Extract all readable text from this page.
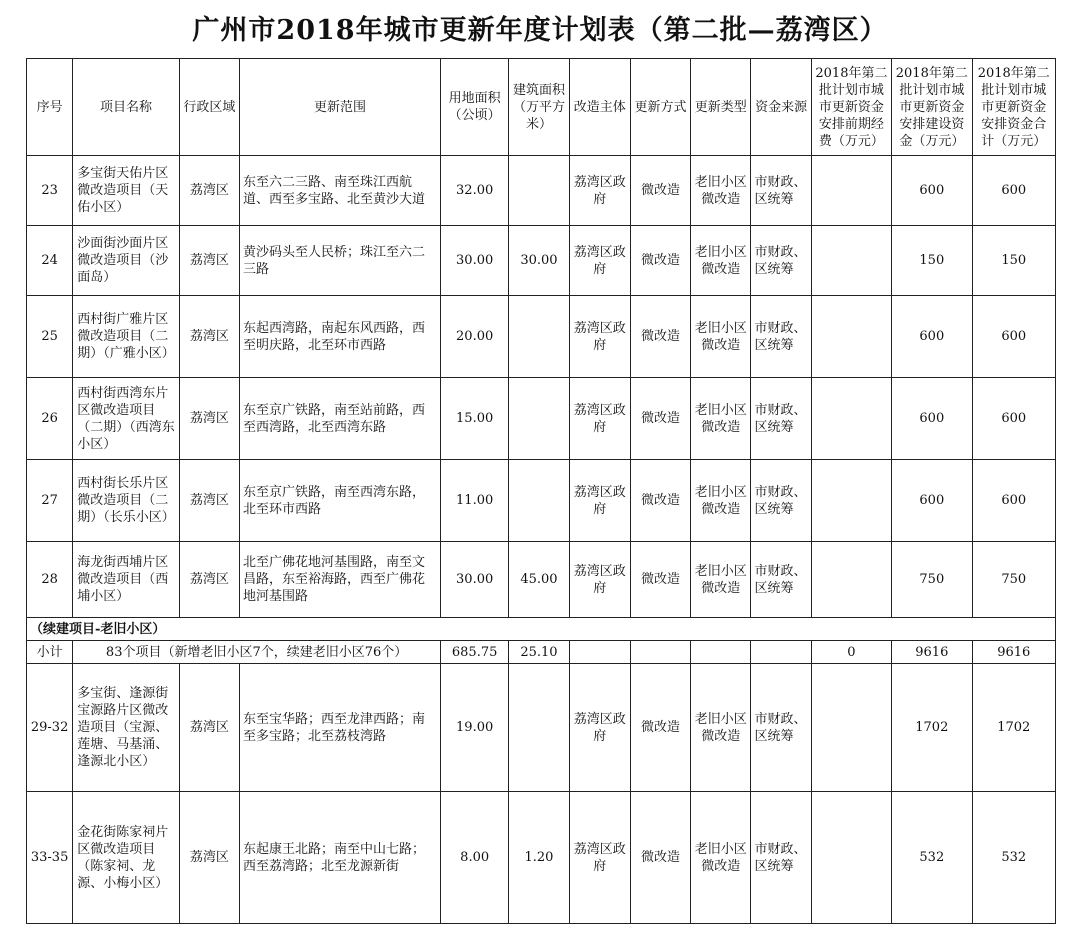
广州市2018年城市更新年度计划表（第二批—荔湾区）
序号	项目名称	行政区域	更新范围	用地面积（公顷）	建筑面积（万平方米）	改造主体	更新方式	更新类型	资金来源	2018年第二批计划市城市更新资金安排前期经费（万元）	2018年第二批计划市城市更新资金安排建设资金（万元）	2018年第二批计划市城市更新资金安排资金合计（万元）
23	多宝街天佑片区微改造项目（天佑小区）	荔湾区	东至六二三路、南至珠江西航道、西至多宝路、北至黄沙大道	32.00		荔湾区政府	微改造	老旧小区微改造	市财政、区统筹		600	600
24	沙面街沙面片区微改造项目（沙面岛）	荔湾区	黄沙码头至人民桥；珠江至六二三路	30.00	30.00	荔湾区政府	微改造	老旧小区微改造	市财政、区统筹		150	150
25	西村街广雅片区微改造项目（二期）（广雅小区）	荔湾区	东起西湾路，南起东风西路，西至明庆路，北至环市西路	20.00		荔湾区政府	微改造	老旧小区微改造	市财政、区统筹		600	600
26	西村街西湾东片区微改造项目（二期）（西湾东小区）	荔湾区	东至京广铁路，南至站前路，西至西湾路，北至西湾东路	15.00		荔湾区政府	微改造	老旧小区微改造	市财政、区统筹		600	600
27	西村街长乐片区微改造项目（二期）（长乐小区）	荔湾区	东至京广铁路，南至西湾东路，北至环市西路	11.00		荔湾区政府	微改造	老旧小区微改造	市财政、区统筹		600	600
28	海龙街西埔片区微改造项目（西埔小区）	荔湾区	北至广佛花地河基围路，南至文昌路，东至裕海路，西至广佛花地河基围路	30.00	45.00	荔湾区政府	微改造	老旧小区微改造	市财政、区统筹		750	750
（续建项目-老旧小区）												
小计	83个项目（新增老旧小区7个，续建老旧小区76个）			685.75	25.10					0	9616	9616
29-32	多宝街、逢源街宝源路片区微改造项目（宝源、莲塘、马基涌、逢源北小区）	荔湾区	东至宝华路；西至龙津西路；南至多宝路；北至荔枝湾路	19.00		荔湾区政府	微改造	老旧小区微改造	市财政、区统筹		1702	1702
33-35	金花街陈家祠片区微改造项目（陈家祠、龙源、小梅小区）	荔湾区	东起康王北路；南至中山七路；西至荔湾路；北至龙源新街	8.00	1.20	荔湾区政府	微改造	老旧小区微改造	市财政、区统筹		532	532
